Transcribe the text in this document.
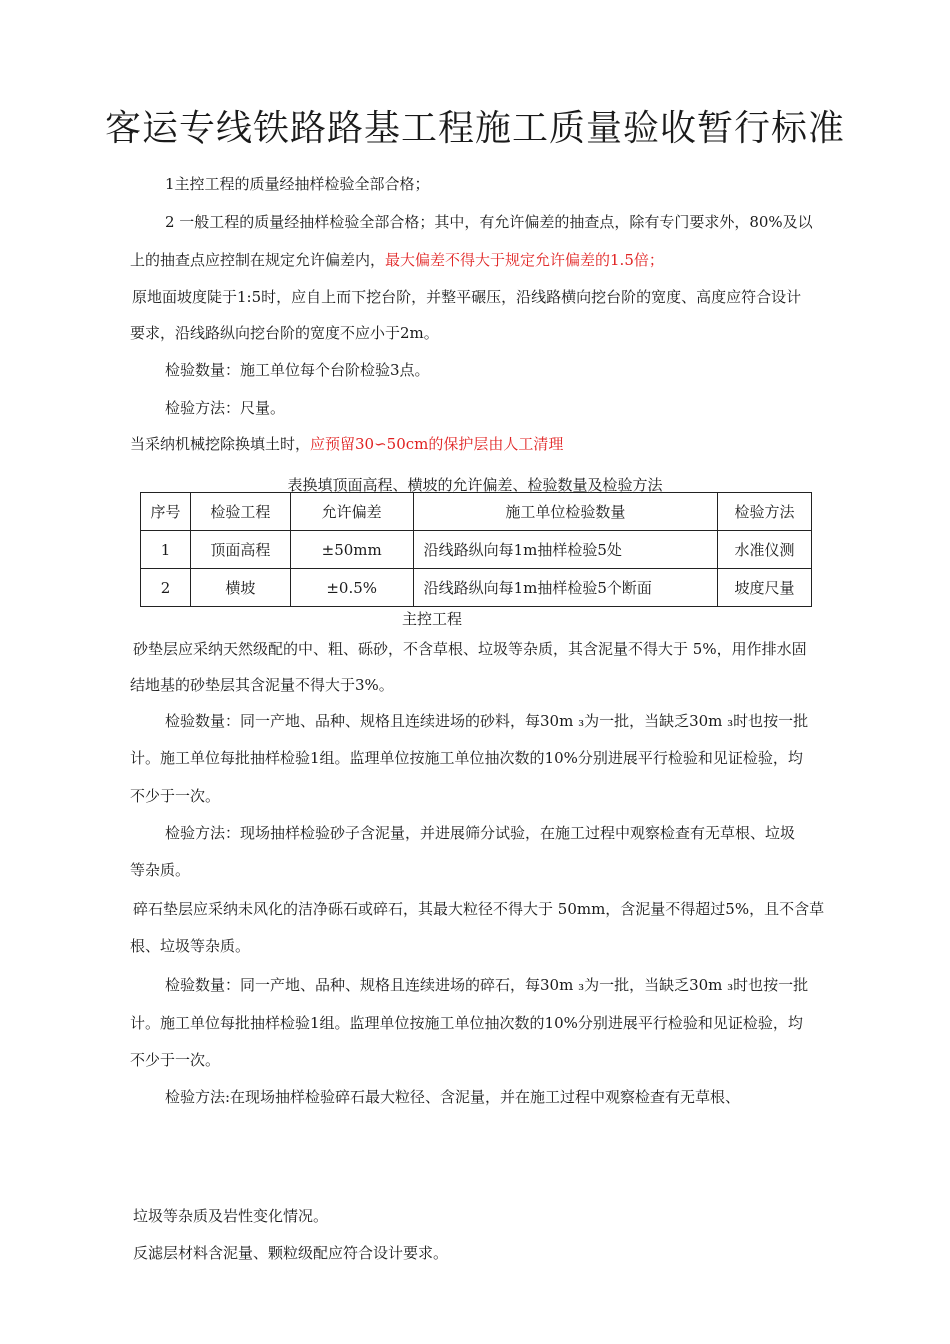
客运专线铁路路基工程施工质量验收暂行标准
1主控工程的质量经抽样检验全部合格；
2 一般工程的质量经抽样检验全部合格；其中，有允许偏差的抽查点，除有专门要求外，80%及以
上的抽查点应控制在规定允许偏差内，最大偏差不得大于规定允许偏差的1.5倍；
原地面坡度陡于1:5时，应自上而下挖台阶，并整平碾压，沿线路横向挖台阶的宽度、高度应符合设计
要求，沿线路纵向挖台阶的宽度不应小于2m。
检验数量：施工单位每个台阶检验3点。
检验方法：尺量。
当采纳机械挖除换填土时，应预留30∽50cm的保护层由人工清理
表换填顶面高程、横坡的允许偏差、检验数量及检验方法
序号	检验工程	允许偏差	施工单位检验数量	检验方法
1	顶面高程	±50mm	沿线路纵向每1m抽样检验5处	水准仪测
2	横坡	±0.5%	沿线路纵向每1m抽样检验5个断面	坡度尺量
主控工程
砂垫层应采纳天然级配的中、粗、砾砂，不含草根、垃圾等杂质，其含泥量不得大于 5%，用作排水固
结地基的砂垫层其含泥量不得大于3%。
检验数量：同一产地、品种、规格且连续进场的砂料，每30m ₃为一批，当缺乏30m ₃时也按一批
计。施工单位每批抽样检验1组。监理单位按施工单位抽次数的10%分别进展平行检验和见证检验，均
不少于一次。
检验方法：现场抽样检验砂子含泥量，并进展筛分试验，在施工过程中观察检查有无草根、垃圾
等杂质。
碎石垫层应采纳未风化的洁净砾石或碎石，其最大粒径不得大于 50mm，含泥量不得超过5%，且不含草
根、垃圾等杂质。
检验数量：同一产地、品种、规格且连续进场的碎石，每30m ₃为一批，当缺乏30m ₃时也按一批
计。施工单位每批抽样检验1组。监理单位按施工单位抽次数的10%分别进展平行检验和见证检验，均
不少于一次。
检验方法:在现场抽样检验碎石最大粒径、含泥量，并在施工过程中观察检查有无草根、
垃圾等杂质及岩性变化情况。
反滤层材料含泥量、颗粒级配应符合设计要求。
